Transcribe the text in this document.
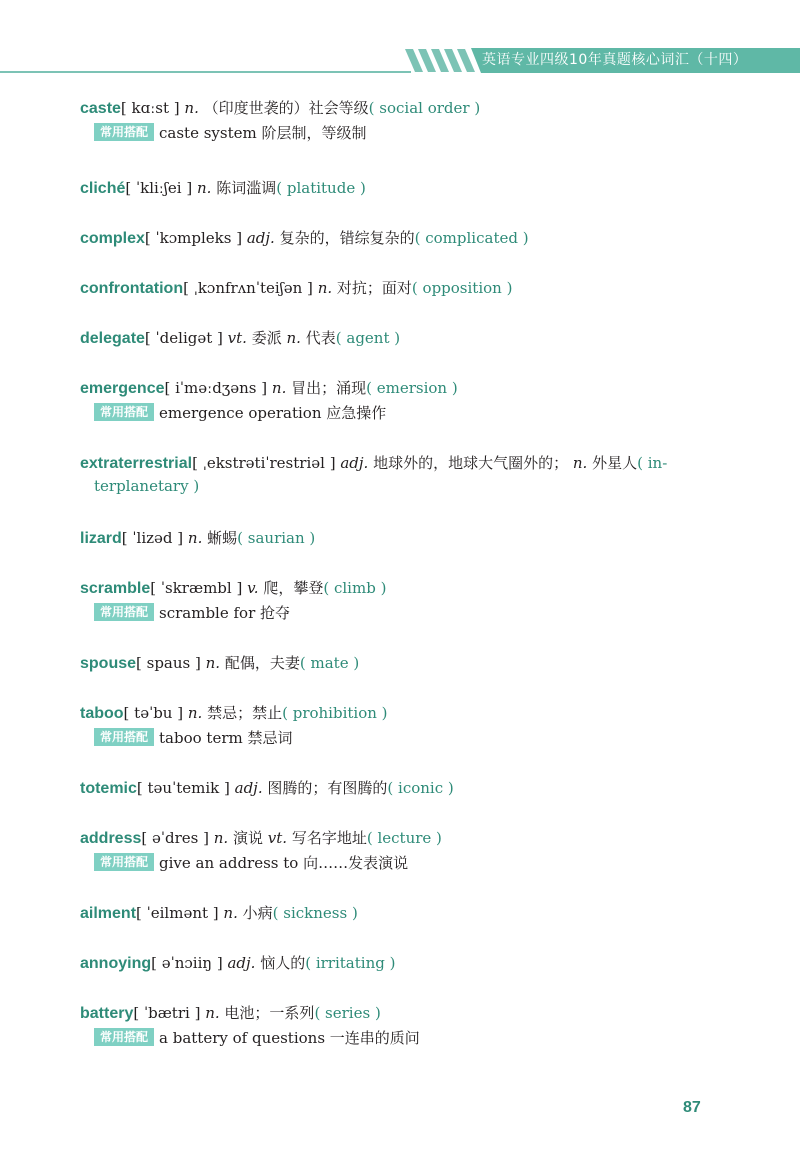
英语专业四级10年真题核心词汇（十四）
caste[ kɑːst ] n. （印度世袭的）社会等级( social order )
常用搭配 caste system 阶层制，等级制
cliché[ ˈkliːʃei ] n. 陈词滥调( platitude )
complex[ ˈkɔmpleks ] adj. 复杂的，错综复杂的( complicated )
confrontation[ ˌkɔnfrʌnˈteiʃən ] n. 对抗；面对( opposition )
delegate[ ˈdeligət ] vt. 委派 n. 代表( agent )
emergence[ iˈməːdʒəns ] n. 冒出；涌现( emersion )
常用搭配 emergence operation 应急操作
extraterrestrial[ ˌekstrətiˈrestriəl ] adj. 地球外的，地球大气圈外的； n. 外星人( in-
terplanetary )
lizard[ ˈlizəd ] n. 蜥蜴( saurian )
scramble[ ˈskræmbl ] v. 爬，攀登( climb )
常用搭配 scramble for 抢夺
spouse[ spaus ] n. 配偶，夫妻( mate )
taboo[ təˈbu ] n. 禁忌；禁止( prohibition )
常用搭配 taboo term 禁忌词
totemic[ təuˈtemik ] adj. 图腾的；有图腾的( iconic )
address[ əˈdres ] n. 演说 vt. 写名字地址( lecture )
常用搭配 give an address to 向……发表演说
ailment[ ˈeilmənt ] n. 小病( sickness )
annoying[ əˈnɔiiŋ ] adj. 恼人的( irritating )
battery[ ˈbætri ] n. 电池；一系列( series )
常用搭配 a battery of questions 一连串的质问
87
